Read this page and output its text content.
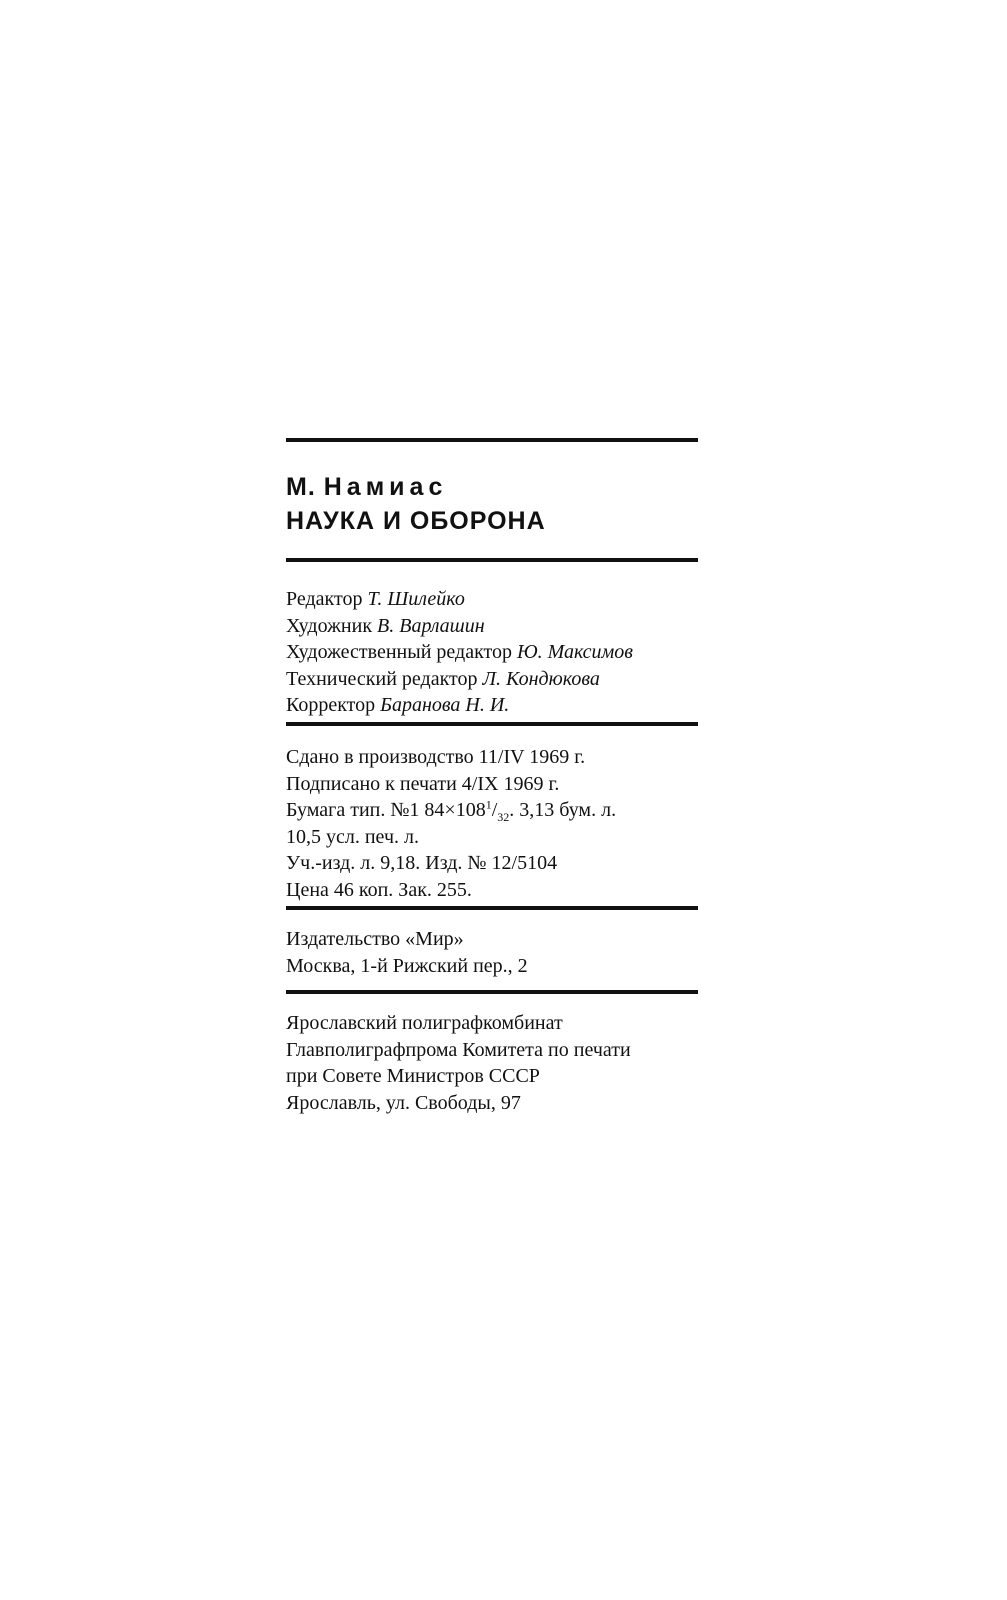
М. Намиас
НАУКА И ОБОРОНА
Редактор Т. Шилейко
Художник В. Варлашин
Художественный редактор Ю. Максимов
Технический редактор Л. Кондюкова
Корректор Баранова Н. И.
Сдано в производство 11/IV 1969 г.
Подписано к печати 4/IX 1969 г.
Бумага тип. №1 $84\times 108^1/_{32}$. 3,13 бум. л.
10,5 усл. печ. л.
Уч.-изд. л. 9,18. Изд. № 12/5104
Цена 46 коп. Зак. 255.
Издательство «Мир»
Москва, 1-й Рижский пер., 2
Ярославский полиграфкомбинат
Главполиграфпрома Комитета по печати
при Совете Министров СССР
Ярославль, ул. Свободы, 97
